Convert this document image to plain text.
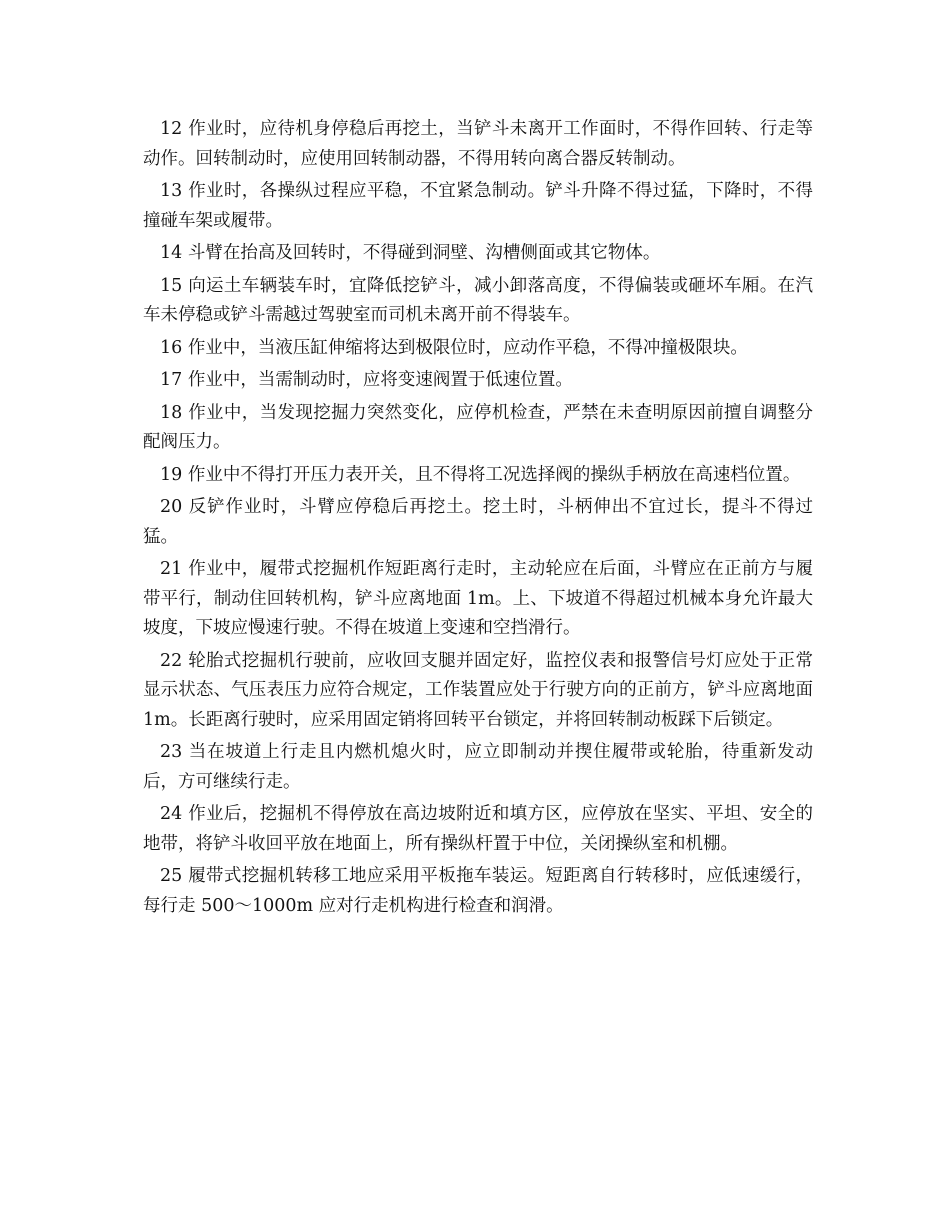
12 作业时，应待机身停稳后再挖土，当铲斗未离开工作面时，不得作回转、行走等动作。回转制动时，应使用回转制动器，不得用转向离合器反转制动。

13 作业时，各操纵过程应平稳，不宜紧急制动。铲斗升降不得过猛，下降时，不得撞碰车架或履带。

14 斗臂在抬高及回转时，不得碰到洞壁、沟槽侧面或其它物体。

15 向运土车辆装车时，宜降低挖铲斗，减小卸落高度，不得偏装或砸坏车厢。在汽车未停稳或铲斗需越过驾驶室而司机未离开前不得装车。

16 作业中，当液压缸伸缩将达到极限位时，应动作平稳，不得冲撞极限块。

17 作业中，当需制动时，应将变速阀置于低速位置。

18 作业中，当发现挖掘力突然变化，应停机检查，严禁在未查明原因前擅自调整分配阀压力。

19 作业中不得打开压力表开关，且不得将工况选择阀的操纵手柄放在高速档位置。

20 反铲作业时，斗臂应停稳后再挖土。挖土时，斗柄伸出不宜过长，提斗不得过猛。

21 作业中，履带式挖掘机作短距离行走时，主动轮应在后面，斗臂应在正前方与履带平行，制动住回转机构，铲斗应离地面 1m。上、下坡道不得超过机械本身允许最大坡度，下坡应慢速行驶。不得在坡道上变速和空挡滑行。

22 轮胎式挖掘机行驶前，应收回支腿并固定好，监控仪表和报警信号灯应处于正常显示状态、气压表压力应符合规定，工作装置应处于行驶方向的正前方，铲斗应离地面 1m。长距离行驶时，应采用固定销将回转平台锁定，并将回转制动板踩下后锁定。

23 当在坡道上行走且内燃机熄火时，应立即制动并揳住履带或轮胎，待重新发动后，方可继续行走。

24 作业后，挖掘机不得停放在高边坡附近和填方区，应停放在坚实、平坦、安全的地带，将铲斗收回平放在地面上，所有操纵杆置于中位，关闭操纵室和机棚。

25 履带式挖掘机转移工地应采用平板拖车装运。短距离自行转移时，应低速缓行，每行走 500～1000m 应对行走机构进行检查和润滑。
